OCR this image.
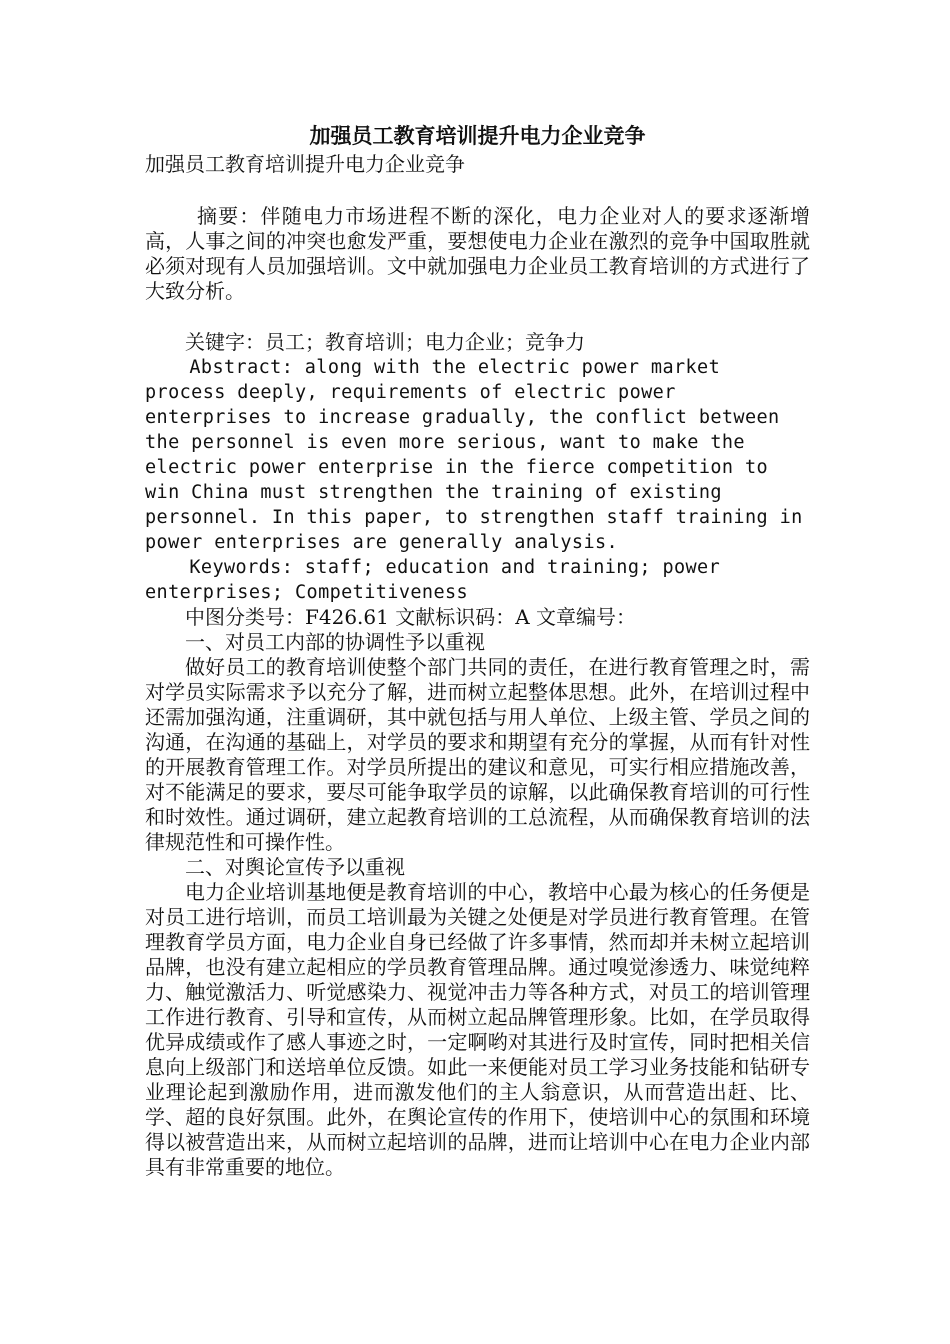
加强员工教育培训提升电力企业竞争

加强员工教育培训提升电力企业竞争

摘要：伴随电力市场进程不断的深化，电力企业对人的要求逐渐增高，人事之间的冲突也愈发严重，要想使电力企业在激烈的竞争中国取胜就必须对现有人员加强培训。文中就加强电力企业员工教育培训的方式进行了大致分析。

关键字：员工；教育培训；电力企业；竞争力

Abstract: along with the electric power market process deeply, requirements of electric power enterprises to increase gradually, the conflict between the personnel is even more serious, want to make the electric power enterprise in the fierce competition to win China must strengthen the training of existing personnel. In this paper, to strengthen staff training in power enterprises are generally analysis.

Keywords: staff; education and training; power enterprises; Competitiveness

中图分类号：F426.61 文献标识码：A 文章编号：

一、对员工内部的协调性予以重视

做好员工的教育培训使整个部门共同的责任，在进行教育管理之时，需对学员实际需求予以充分了解，进而树立起整体思想。此外，在培训过程中还需加强沟通，注重调研，其中就包括与用人单位、上级主管、学员之间的沟通，在沟通的基础上，对学员的要求和期望有充分的掌握，从而有针对性的开展教育管理工作。对学员所提出的建议和意见，可实行相应措施改善，对不能满足的要求，要尽可能争取学员的谅解，以此确保教育培训的可行性和时效性。通过调研，建立起教育培训的工总流程，从而确保教育培训的法律规范性和可操作性。

二、对舆论宣传予以重视

电力企业培训基地便是教育培训的中心，教培中心最为核心的任务便是对员工进行培训，而员工培训最为关键之处便是对学员进行教育管理。在管理教育学员方面，电力企业自身已经做了许多事情，然而却并未树立起培训品牌，也没有建立起相应的学员教育管理品牌。通过嗅觉渗透力、味觉纯粹力、触觉激活力、听觉感染力、视觉冲击力等各种方式，对员工的培训管理工作进行教育、引导和宣传，从而树立起品牌管理形象。比如，在学员取得优异成绩或作了感人事迹之时，一定啊哟对其进行及时宣传，同时把相关信息向上级部门和送培单位反馈。如此一来便能对员工学习业务技能和钻研专业理论起到激励作用，进而激发他们的主人翁意识，从而营造出赶、比、学、超的良好氛围。此外，在舆论宣传的作用下，使培训中心的氛围和环境得以被营造出来，从而树立起培训的品牌，进而让培训中心在电力企业内部具有非常重要的地位。
